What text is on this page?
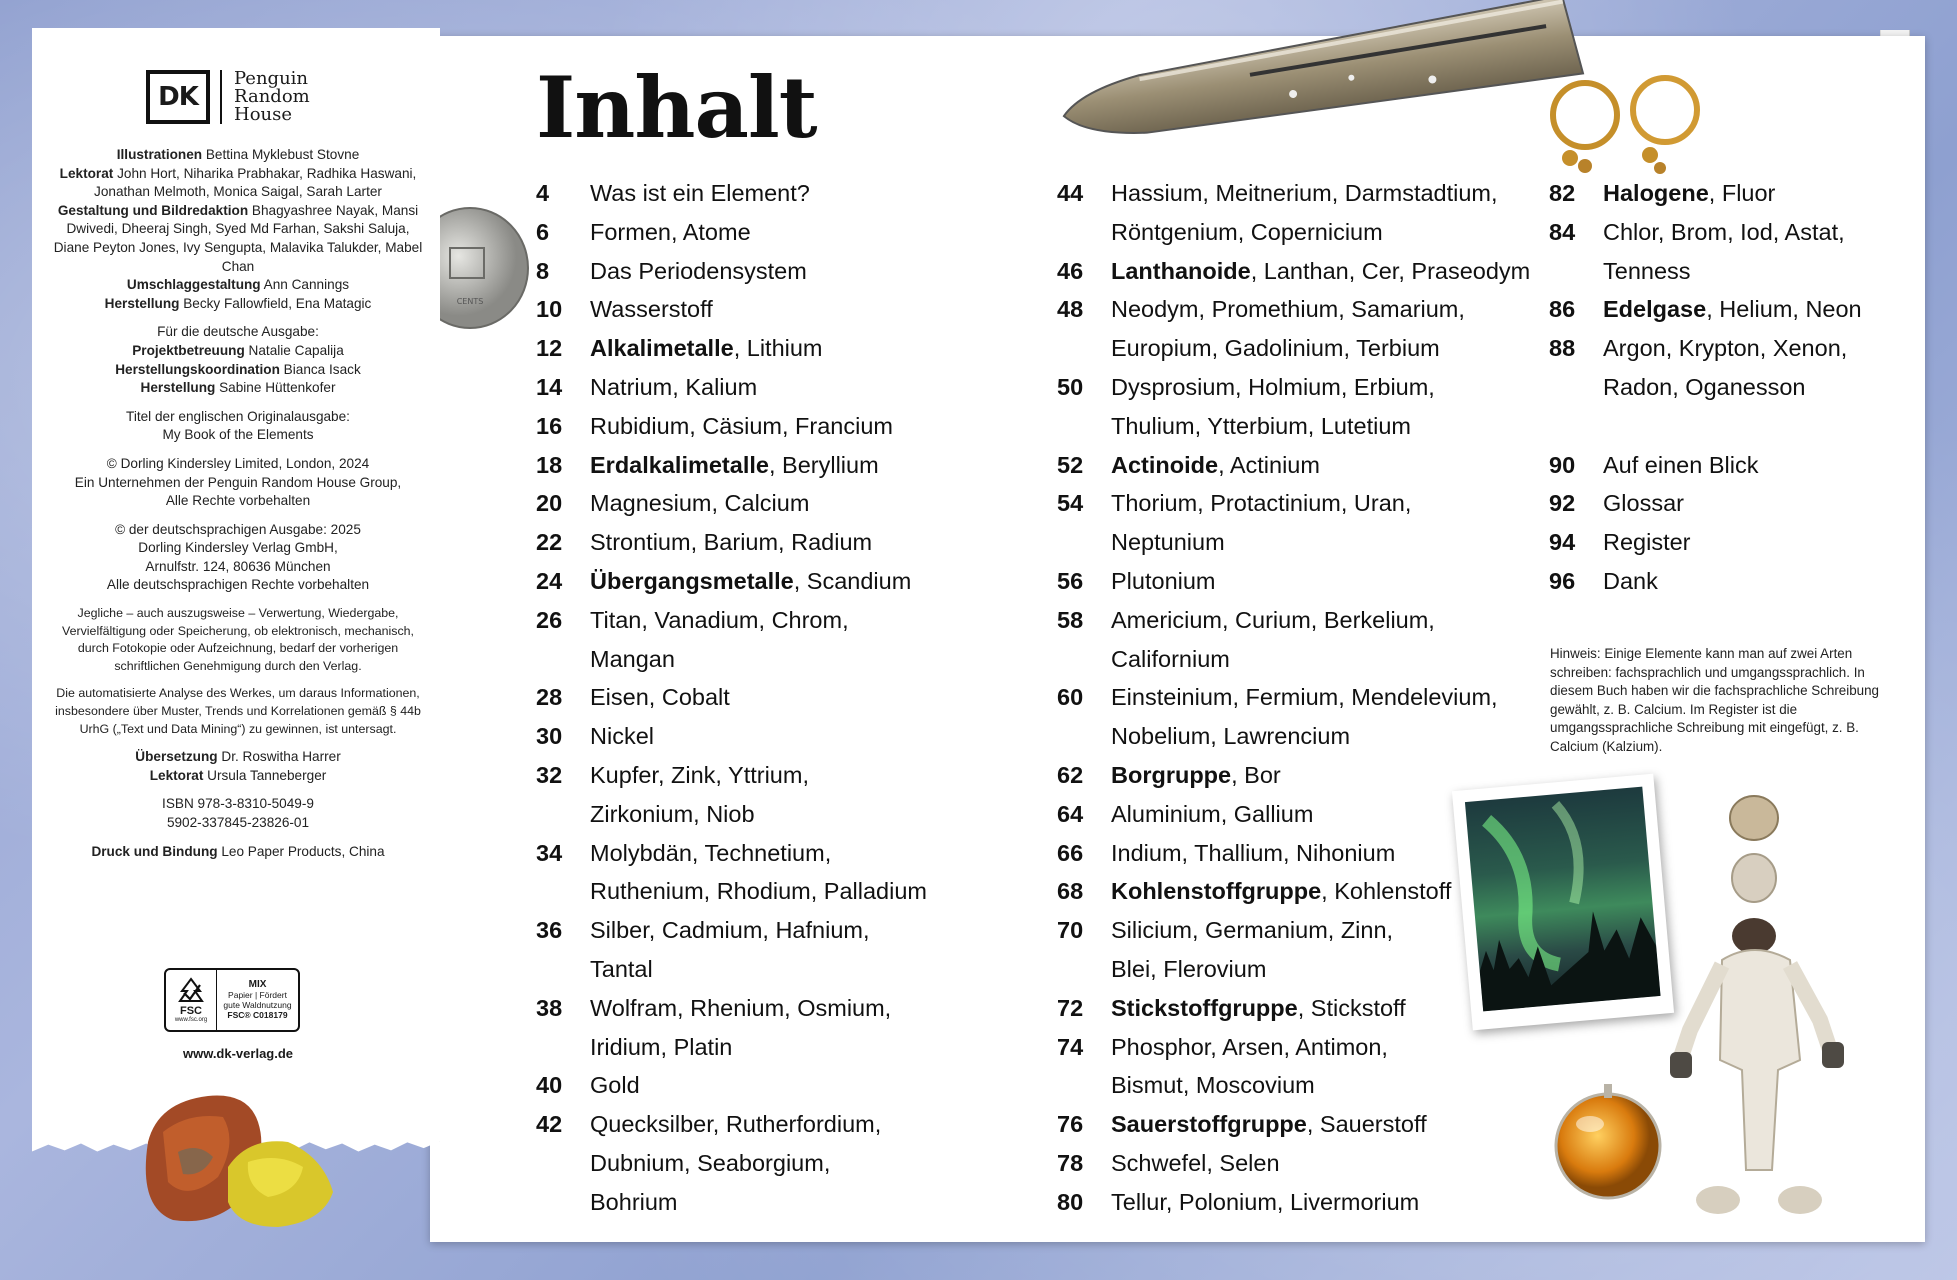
DK
Penguin
Random
House

Illustrationen Bettina Myklebust Stovne
Lektorat John Hort, Niharika Prabhakar, Radhika Haswani, Jonathan Melmoth, Monica Saigal, Sarah Larter
Gestaltung und Bildredaktion Bhagyashree Nayak, Mansi Dwivedi, Dheeraj Singh, Syed Md Farhan, Sakshi Saluja, Diane Peyton Jones, Ivy Sengupta, Malavika Talukder, Mabel Chan
Umschlaggestaltung Ann Cannings
Herstellung Becky Fallowfield, Ena Matagic

Für die deutsche Ausgabe:
Projektbetreuung Natalie Capalija
Herstellungskoordination Bianca Isack
Herstellung Sabine Hüttenkofer

Titel der englischen Originalausgabe:
My Book of the Elements

© Dorling Kindersley Limited, London, 2024
Ein Unternehmen der Penguin Random House Group,
Alle Rechte vorbehalten

© der deutschsprachigen Ausgabe: 2025
Dorling Kindersley Verlag GmbH,
Arnulfstr. 124, 80636 München
Alle deutschsprachigen Rechte vorbehalten

Jegliche – auch auszugsweise – Verwertung, Wiedergabe, Vervielfältigung oder Speicherung, ob elektronisch, mechanisch, durch Fotokopie oder Aufzeichnung, bedarf der vorherigen schriftlichen Genehmigung durch den Verlag.

Die automatisierte Analyse des Werkes, um daraus Informationen, insbesondere über Muster, Trends und Korrelationen gemäß § 44b UrhG („Text und Data Mining“) zu gewinnen, ist untersagt.

Übersetzung Dr. Roswitha Harrer
Lektorat Ursula Tanneberger

ISBN 978-3-8310-5049-9
5902-337845-23826-01

Druck und Bindung Leo Paper Products, China

FSC
www.fsc.org
MIX
Papier | Fördert
gute Waldnutzung
FSC® C018179
www.dk-verlag.de
CENTS
Inhalt
4	Was ist ein Element?
6	Formen, Atome
8	Das Periodensystem
10	Wasserstoff
12	Alkalimetalle, Lithium
14	Natrium, Kalium
16	Rubidium, Cäsium, Francium
18	Erdalkalimetalle, Beryllium
20	Magnesium, Calcium
22	Strontium, Barium, Radium
24	Übergangsmetalle, Scandium
26	Titan, Vanadium, Chrom,
Mangan
28	Eisen, Cobalt
30	Nickel
32	Kupfer, Zink, Yttrium,
Zirkonium, Niob
34	Molybdän, Technetium,
Ruthenium, Rhodium, Palladium
36	Silber, Cadmium, Hafnium,
Tantal
38	Wolfram, Rhenium, Osmium,
Iridium, Platin
40	Gold
42	Quecksilber, Rutherfordium,
Dubnium, Seaborgium,
Bohrium
44	Hassium, Meitnerium, Darmstadtium,
Röntgenium, Copernicium
46	Lanthanoide, Lanthan, Cer, Praseodym
48	Neodym, Promethium, Samarium,
Europium, Gadolinium, Terbium
50	Dysprosium, Holmium, Erbium,
Thulium, Ytterbium, Lutetium
52	Actinoide, Actinium
54	Thorium, Protactinium, Uran,
Neptunium
56	Plutonium
58	Americium, Curium, Berkelium,
Californium
60	Einsteinium, Fermium, Mendelevium,
Nobelium, Lawrencium
62	Borgruppe, Bor
64	Aluminium, Gallium
66	Indium, Thallium, Nihonium
68	Kohlenstoffgruppe, Kohlenstoff
70	Silicium, Germanium, Zinn,
Blei, Flerovium
72	Stickstoffgruppe, Stickstoff
74	Phosphor, Arsen, Antimon,
Bismut, Moscovium
76	Sauerstoffgruppe, Sauerstoff
78	Schwefel, Selen
80	Tellur, Polonium, Livermorium
82	Halogene, Fluor
84	Chlor, Brom, Iod, Astat,
Tenness
86	Edelgase, Helium, Neon
88	Argon, Krypton, Xenon,
Radon, Oganesson
90	Auf einen Blick
92	Glossar
94	Register
96	Dank
Hinweis: Einige Elemente kann man auf zwei Arten schreiben: fachsprachlich und umgangssprachlich. In diesem Buch haben wir die fachsprachliche Schreibung gewählt, z. B. Calcium. Im Register ist die umgangssprachliche Schreibung mit eingefügt, z. B. Calcium (Kalzium).
